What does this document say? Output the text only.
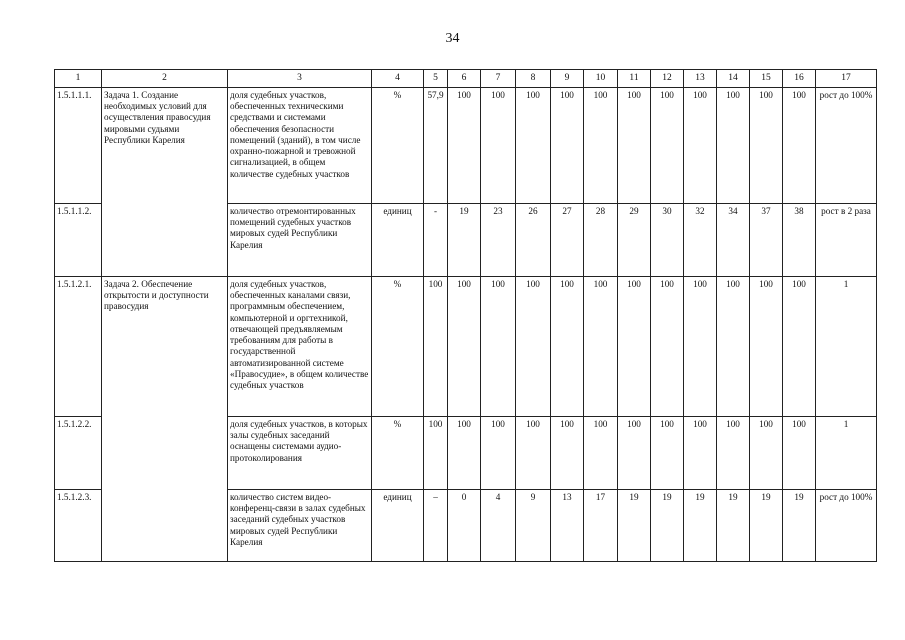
34
1	2	3	4	5	6	7	8	9	10	11	12	13	14	15	16	17
1.5.1.1.1.	Задача 1. Создание необходимых условий для осуществления правосудия мировыми судьями Республики Карелия	доля судебных участков, обеспеченных техническими средствами и системами обеспечения безопасности помещений (зданий), в том числе охранно-пожарной и тревожной сигнализацией, в общем количестве судебных участков	%	57,9	100	100	100	100	100	100	100	100	100	100	100	рост до 100%
1.5.1.1.2.		количество отремонтированных помещений судебных участков мировых судей Республики Карелия	единиц	-	19	23	26	27	28	29	30	32	34	37	38	рост в 2 раза
1.5.1.2.1.	Задача 2. Обеспечение открытости и доступности правосудия	доля судебных участков, обеспеченных каналами связи, программным обеспечением, компьютерной и оргтехникой, отвечающей предъявляемым требованиям для работы в государственной автоматизированной системе «Правосудие», в общем количестве судебных участков	%	100	100	100	100	100	100	100	100	100	100	100	100	1
1.5.1.2.2.		доля судебных участков, в которых залы судебных заседаний оснащены системами аудио-протоколирования	%	100	100	100	100	100	100	100	100	100	100	100	100	1
1.5.1.2.3.		количество систем видео-конференц-связи в залах судебных заседаний судебных участков мировых судей Республики Карелия	единиц	–	0	4	9	13	17	19	19	19	19	19	19	рост до 100%
